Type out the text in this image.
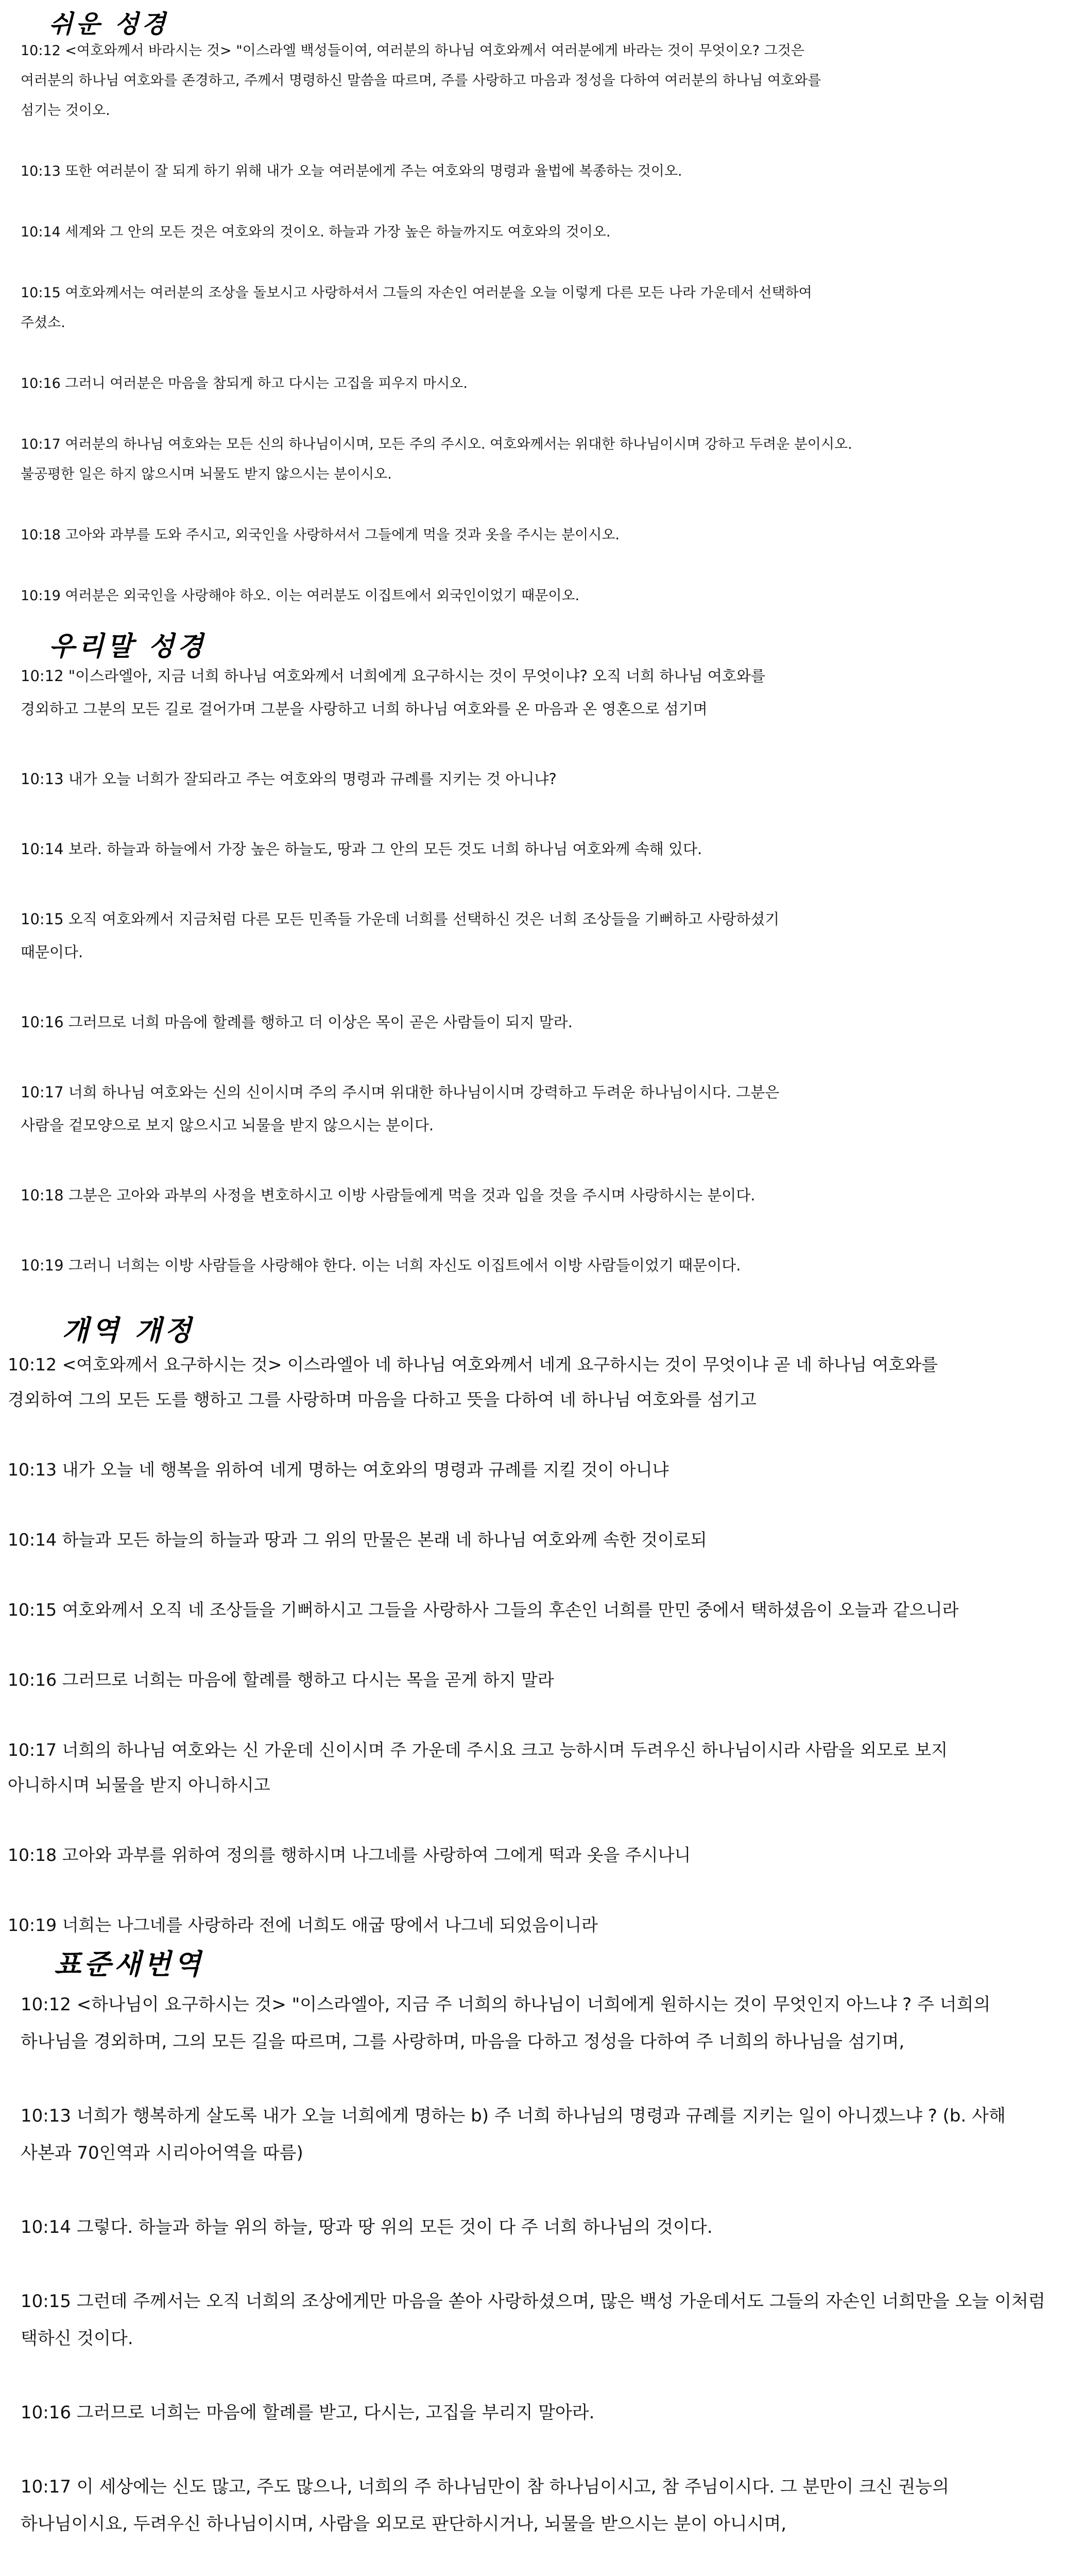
쉬운 성경
10:12 <여호와께서 바라시는 것> "이스라엘 백성들이여, 여러분의 하나님 여호와께서 여러분에게 바라는 것이 무엇이오? 그것은 여러분의 하나님 여호와를 존경하고, 주께서 명령하신 말씀을 따르며, 주를 사랑하고 마음과 정성을 다하여 여러분의 하나님 여호와를 섬기는 것이오.
10:13 또한 여러분이 잘 되게 하기 위해 내가 오늘 여러분에게 주는 여호와의 명령과 율법에 복종하는 것이오.
10:14 세계와 그 안의 모든 것은 여호와의 것이오. 하늘과 가장 높은 하늘까지도 여호와의 것이오.
10:15 여호와께서는 여러분의 조상을 돌보시고 사랑하셔서 그들의 자손인 여러분을 오늘 이렇게 다른 모든 나라 가운데서 선택하여 주셨소.
10:16 그러니 여러분은 마음을 참되게 하고 다시는 고집을 피우지 마시오.
10:17 여러분의 하나님 여호와는 모든 신의 하나님이시며, 모든 주의 주시오. 여호와께서는 위대한 하나님이시며 강하고 두려운 분이시오. 불공평한 일은 하지 않으시며 뇌물도 받지 않으시는 분이시오.
10:18 고아와 과부를 도와 주시고, 외국인을 사랑하셔서 그들에게 먹을 것과 옷을 주시는 분이시오.
10:19 여러분은 외국인을 사랑해야 하오. 이는 여러분도 이집트에서 외국인이었기 때문이오.
우리말 성경
10:12 "이스라엘아, 지금 너희 하나님 여호와께서 너희에게 요구하시는 것이 무엇이냐? 오직 너희 하나님 여호와를 경외하고 그분의 모든 길로 걸어가며 그분을 사랑하고 너희 하나님 여호와를 온 마음과 온 영혼으로 섬기며
10:13 내가 오늘 너희가 잘되라고 주는 여호와의 명령과 규례를 지키는 것 아니냐?
10:14 보라. 하늘과 하늘에서 가장 높은 하늘도, 땅과 그 안의 모든 것도 너희 하나님 여호와께 속해 있다.
10:15 오직 여호와께서 지금처럼 다른 모든 민족들 가운데 너희를 선택하신 것은 너희 조상들을 기뻐하고 사랑하셨기 때문이다.
10:16 그러므로 너희 마음에 할례를 행하고 더 이상은 목이 곧은 사람들이 되지 말라.
10:17 너희 하나님 여호와는 신의 신이시며 주의 주시며 위대한 하나님이시며 강력하고 두려운 하나님이시다. 그분은 사람을 겉모양으로 보지 않으시고 뇌물을 받지 않으시는 분이다.
10:18 그분은 고아와 과부의 사정을 변호하시고 이방 사람들에게 먹을 것과 입을 것을 주시며 사랑하시는 분이다.
10:19 그러니 너희는 이방 사람들을 사랑해야 한다. 이는 너희 자신도 이집트에서 이방 사람들이었기 때문이다.
개역 개정
10:12 <여호와께서 요구하시는 것> 이스라엘아 네 하나님 여호와께서 네게 요구하시는 것이 무엇이냐 곧 네 하나님 여호와를 경외하여 그의 모든 도를 행하고 그를 사랑하며 마음을 다하고 뜻을 다하여 네 하나님 여호와를 섬기고
10:13 내가 오늘 네 행복을 위하여 네게 명하는 여호와의 명령과 규례를 지킬 것이 아니냐
10:14 하늘과 모든 하늘의 하늘과 땅과 그 위의 만물은 본래 네 하나님 여호와께 속한 것이로되
10:15 여호와께서 오직 네 조상들을 기뻐하시고 그들을 사랑하사 그들의 후손인 너희를 만민 중에서 택하셨음이 오늘과 같으니라
10:16 그러므로 너희는 마음에 할례를 행하고 다시는 목을 곧게 하지 말라
10:17 너희의 하나님 여호와는 신 가운데 신이시며 주 가운데 주시요 크고 능하시며 두려우신 하나님이시라 사람을 외모로 보지 아니하시며 뇌물을 받지 아니하시고
10:18 고아와 과부를 위하여 정의를 행하시며 나그네를 사랑하여 그에게 떡과 옷을 주시나니
10:19 너희는 나그네를 사랑하라 전에 너희도 애굽 땅에서 나그네 되었음이니라
표준새번역
10:12 <하나님이 요구하시는 것> "이스라엘아, 지금 주 너희의 하나님이 너희에게 원하시는 것이 무엇인지 아느냐 ? 주 너희의 하나님을 경외하며, 그의 모든 길을 따르며, 그를 사랑하며, 마음을 다하고 정성을 다하여 주 너희의 하나님을 섬기며,
10:13 너희가 행복하게 살도록 내가 오늘 너희에게 명하는 b) 주 너희 하나님의 명령과 규례를 지키는 일이 아니겠느냐 ? (b. 사해 사본과 70인역과 시리아어역을 따름)
10:14 그렇다. 하늘과 하늘 위의 하늘, 땅과 땅 위의 모든 것이 다 주 너희 하나님의 것이다.
10:15 그런데 주께서는 오직 너희의 조상에게만 마음을 쏟아 사랑하셨으며, 많은 백성 가운데서도 그들의 자손인 너희만을 오늘 이처럼 택하신 것이다.
10:16 그러므로 너희는 마음에 할례를 받고, 다시는, 고집을 부리지 말아라.
10:17 이 세상에는 신도 많고, 주도 많으나, 너희의 주 하나님만이 참 하나님이시고, 참 주님이시다. 그 분만이 크신 권능의 하나님이시요, 두려우신 하나님이시며, 사람을 외모로 판단하시거나, 뇌물을 받으시는 분이 아니시며,
